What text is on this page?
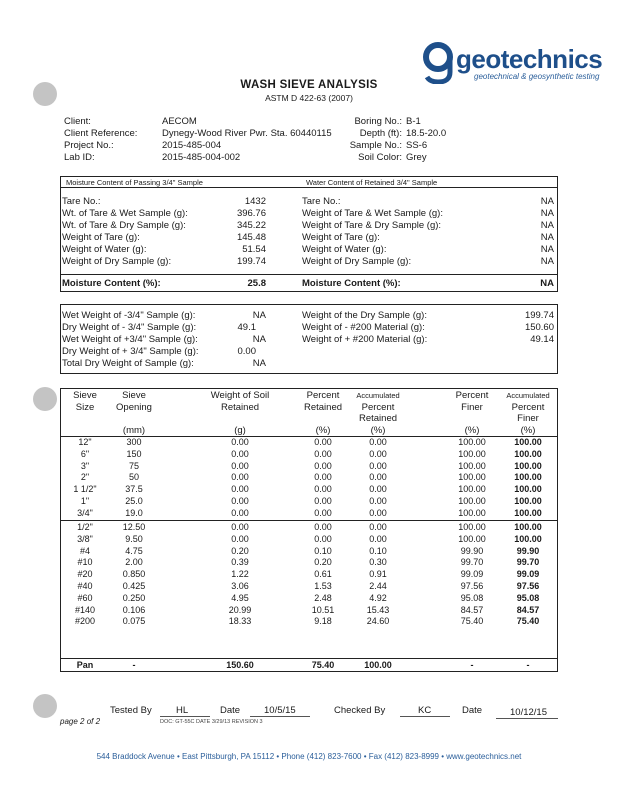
geotechnics
geotechnical & geosynthetic testing
WASH SIEVE ANALYSIS
ASTM D 422-63 (2007)
Client:	AECOM
Client Reference:	Dynegy-Wood River Pwr. Sta. 60440115
Project No.:	2015-485-004
Lab ID:	2015-485-004-002
Boring No.: B-1
Depth (ft): 18.5-20.0
Sample No.: SS-6
Soil Color: Grey
Moisture Content of Passing 3/4" Sample	Water Content of Retained 3/4" Sample
Tare No.:	1432
Wt. of Tare & Wet Sample (g):	396.76
Wt. of Tare & Dry Sample (g):	345.22
Weight of Tare (g):	145.48
Weight of Water (g):	51.54
Weight of Dry Sample (g):	199.74
Tare No.:	NA
Weight of Tare & Wet Sample (g):	NA
Weight of Tare & Dry Sample (g):	NA
Weight of Tare (g):	NA
Weight of Water (g):	NA
Weight of Dry Sample (g):	NA
Moisture Content (%):	25.8	Moisture Content (%):	NA
Wet Weight of -3/4" Sample (g):	NA
Dry Weight of - 3/4" Sample (g):	49.1
Wet Weight of +3/4" Sample (g):	NA
Dry Weight of + 3/4" Sample (g):	0.00
Total Dry Weight of Sample (g):	NA
Weight of the Dry Sample (g):	199.74
Weight of - #200 Material (g):	150.60
Weight of + #200 Material (g):	49.14
Sieve
Size
Sieve
Opening
(mm)
Weight of Soil
Retained
(g)
Percent
Retained
(%)
Accumulated
Percent
Retained
(%)
Percent
Finer
(%)
Accumulated
Percent
Finer
(%)
12"	300	0.00	0.00	0.00	100.00	100.00
6"	150	0.00	0.00	0.00	100.00	100.00
3"	75	0.00	0.00	0.00	100.00	100.00
2"	50	0.00	0.00	0.00	100.00	100.00
1 1/2"	37.5	0.00	0.00	0.00	100.00	100.00
1"	25.0	0.00	0.00	0.00	100.00	100.00
3/4"	19.0	0.00	0.00	0.00	100.00	100.00
1/2"	12.50	0.00	0.00	0.00	100.00	100.00
3/8"	9.50	0.00	0.00	0.00	100.00	100.00
#4	4.75	0.20	0.10	0.10	99.90	99.90
#10	2.00	0.39	0.20	0.30	99.70	99.70
#20	0.850	1.22	0.61	0.91	99.09	99.09
#40	0.425	3.06	1.53	2.44	97.56	97.56
#60	0.250	4.95	2.48	4.92	95.08	95.08
#140	0.106	20.99	10.51	15.43	84.57	84.57
#200	0.075	18.33	9.18	24.60	75.40	75.40
Pan	-	150.60	75.40	100.00	-	-
Tested By	HL	Date	10/5/15	Checked By	KC	Date	10/12/15
page 2 of 2	DOC: GT-55C DATE 3/29/13 REVISION 3
544 Braddock Avenue • East Pittsburgh, PA 15112 • Phone (412) 823-7600 • Fax (412) 823-8999 • www.geotechnics.net
